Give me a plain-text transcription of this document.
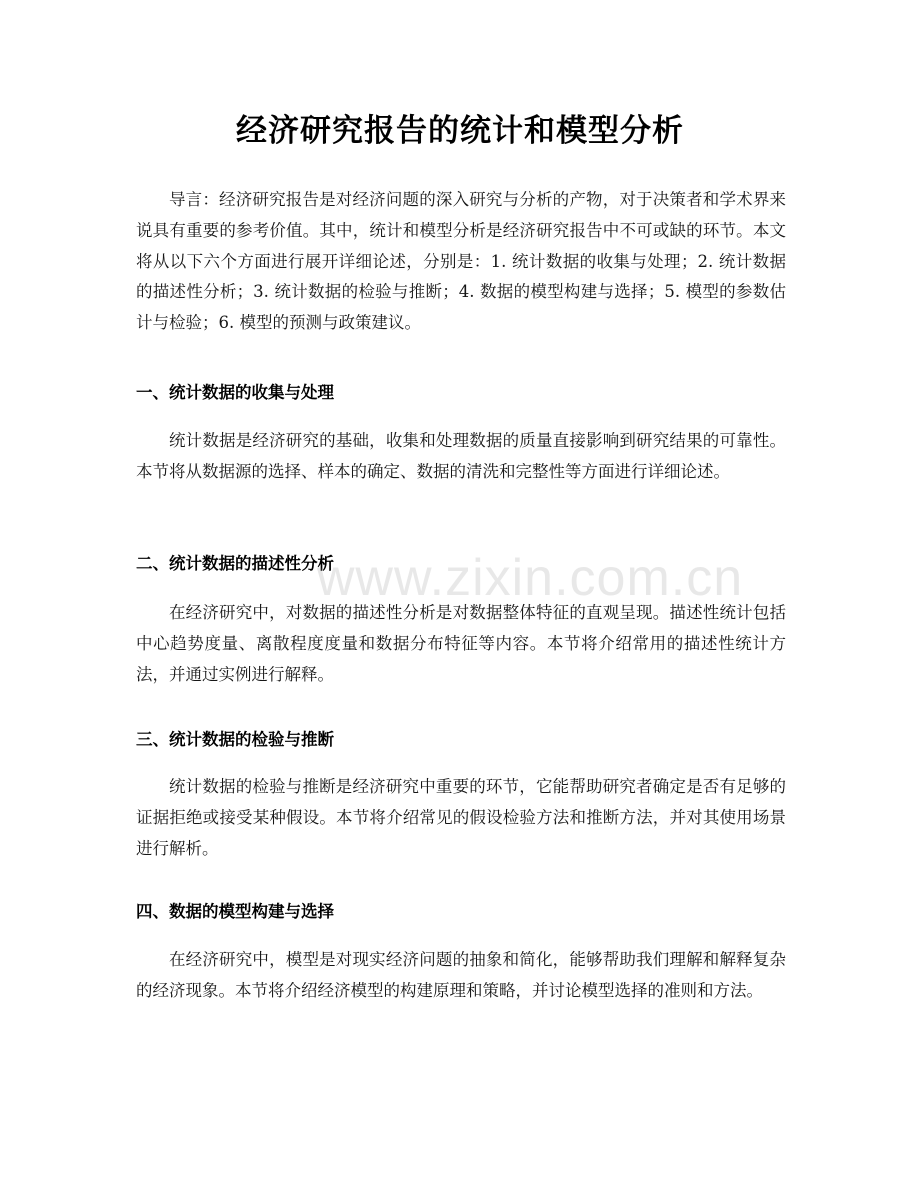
经济研究报告的统计和模型分析
导言：经济研究报告是对经济问题的深入研究与分析的产物，对于决策者和学术界来说具有重要的参考价值。其中，统计和模型分析是经济研究报告中不可或缺的环节。本文将从以下六个方面进行展开详细论述，分别是：1. 统计数据的收集与处理；2. 统计数据的描述性分析；3. 统计数据的检验与推断；4. 数据的模型构建与选择；5. 模型的参数估计与检验；6. 模型的预测与政策建议。
一、统计数据的收集与处理
统计数据是经济研究的基础，收集和处理数据的质量直接影响到研究结果的可靠性。本节将从数据源的选择、样本的确定、数据的清洗和完整性等方面进行详细论述。
二、统计数据的描述性分析
在经济研究中，对数据的描述性分析是对数据整体特征的直观呈现。描述性统计包括中心趋势度量、离散程度度量和数据分布特征等内容。本节将介绍常用的描述性统计方法，并通过实例进行解释。
三、统计数据的检验与推断
统计数据的检验与推断是经济研究中重要的环节，它能帮助研究者确定是否有足够的证据拒绝或接受某种假设。本节将介绍常见的假设检验方法和推断方法，并对其使用场景进行解析。
四、数据的模型构建与选择
在经济研究中，模型是对现实经济问题的抽象和简化，能够帮助我们理解和解释复杂的经济现象。本节将介绍经济模型的构建原理和策略，并讨论模型选择的准则和方法。
www.zixin.com.cn
